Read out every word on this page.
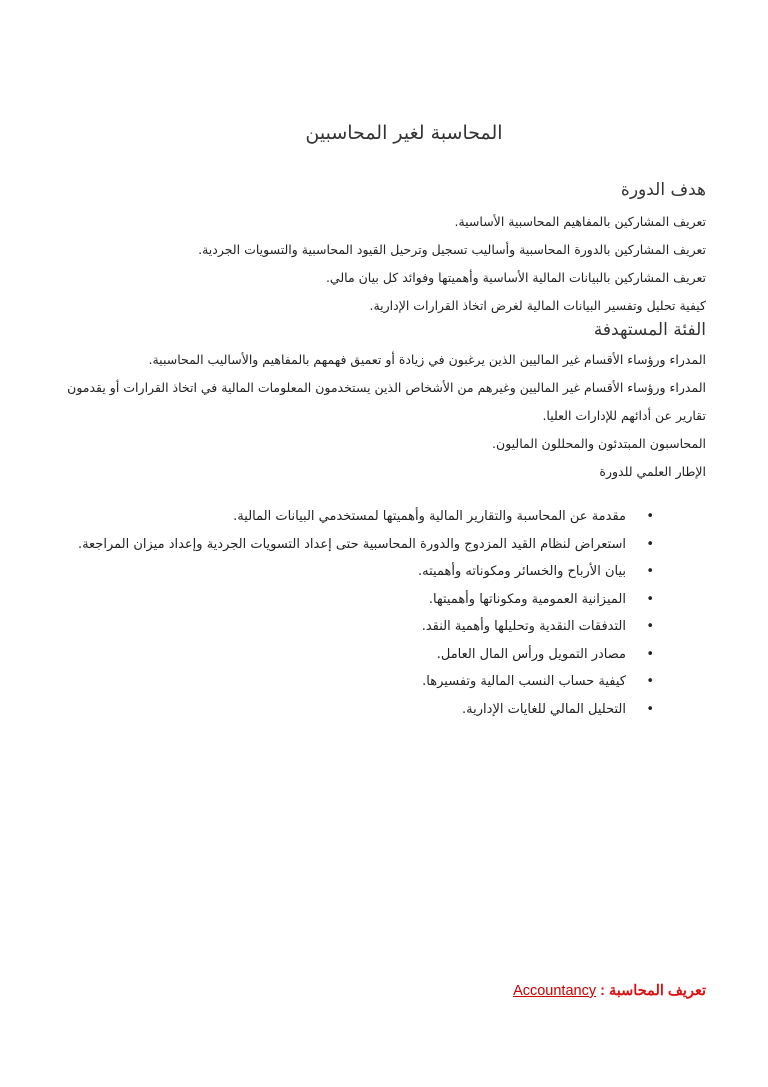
المحاسبة لغير المحاسبين

هدف الدورة

تعريف المشاركين بالمفاهيم المحاسبية الأساسية.

تعريف المشاركين بالدورة المحاسبية وأساليب تسجيل وترحيل القيود المحاسبية والتسويات الجردية.

تعريف المشاركين بالبيانات المالية الأساسية وأهميتها وفوائد كل بيان مالي.

كيفية تحليل وتفسير البيانات المالية لغرض اتخاذ القرارات الإدارية.

الفئة المستهدفة

المدراء ورؤساء الأقسام غير الماليين الذين يرغبون في زيادة أو تعميق فهمهم بالمفاهيم والأساليب المحاسبية.

المدراء ورؤساء الأقسام غير الماليين وغيرهم من الأشخاص الذين يستخدمون المعلومات المالية في اتخاذ القرارات أو يقدمون تقارير عن أدائهم للإدارات العليا.

المحاسبون المبتدئون والمحللون الماليون.

الإطار العلمي للدورة

• مقدمة عن المحاسبة والتقارير المالية وأهميتها لمستخدمي البيانات المالية.
• استعراض لنظام القيد المزدوج والدورة المحاسبية حتى إعداد التسويات الجردية وإعداد ميزان المراجعة.
• بيان الأرباح والخسائر ومكوناته وأهميته.
• الميزانية العمومية ومكوناتها وأهميتها.
• التدفقات النقدية وتحليلها وأهمية النقد.
• مصادر التمويل ورأس المال العامل.
• كيفية حساب النسب المالية وتفسيرها.
• التحليل المالي للغايات الإدارية.
تعريف المحاسبة : Accountancy
